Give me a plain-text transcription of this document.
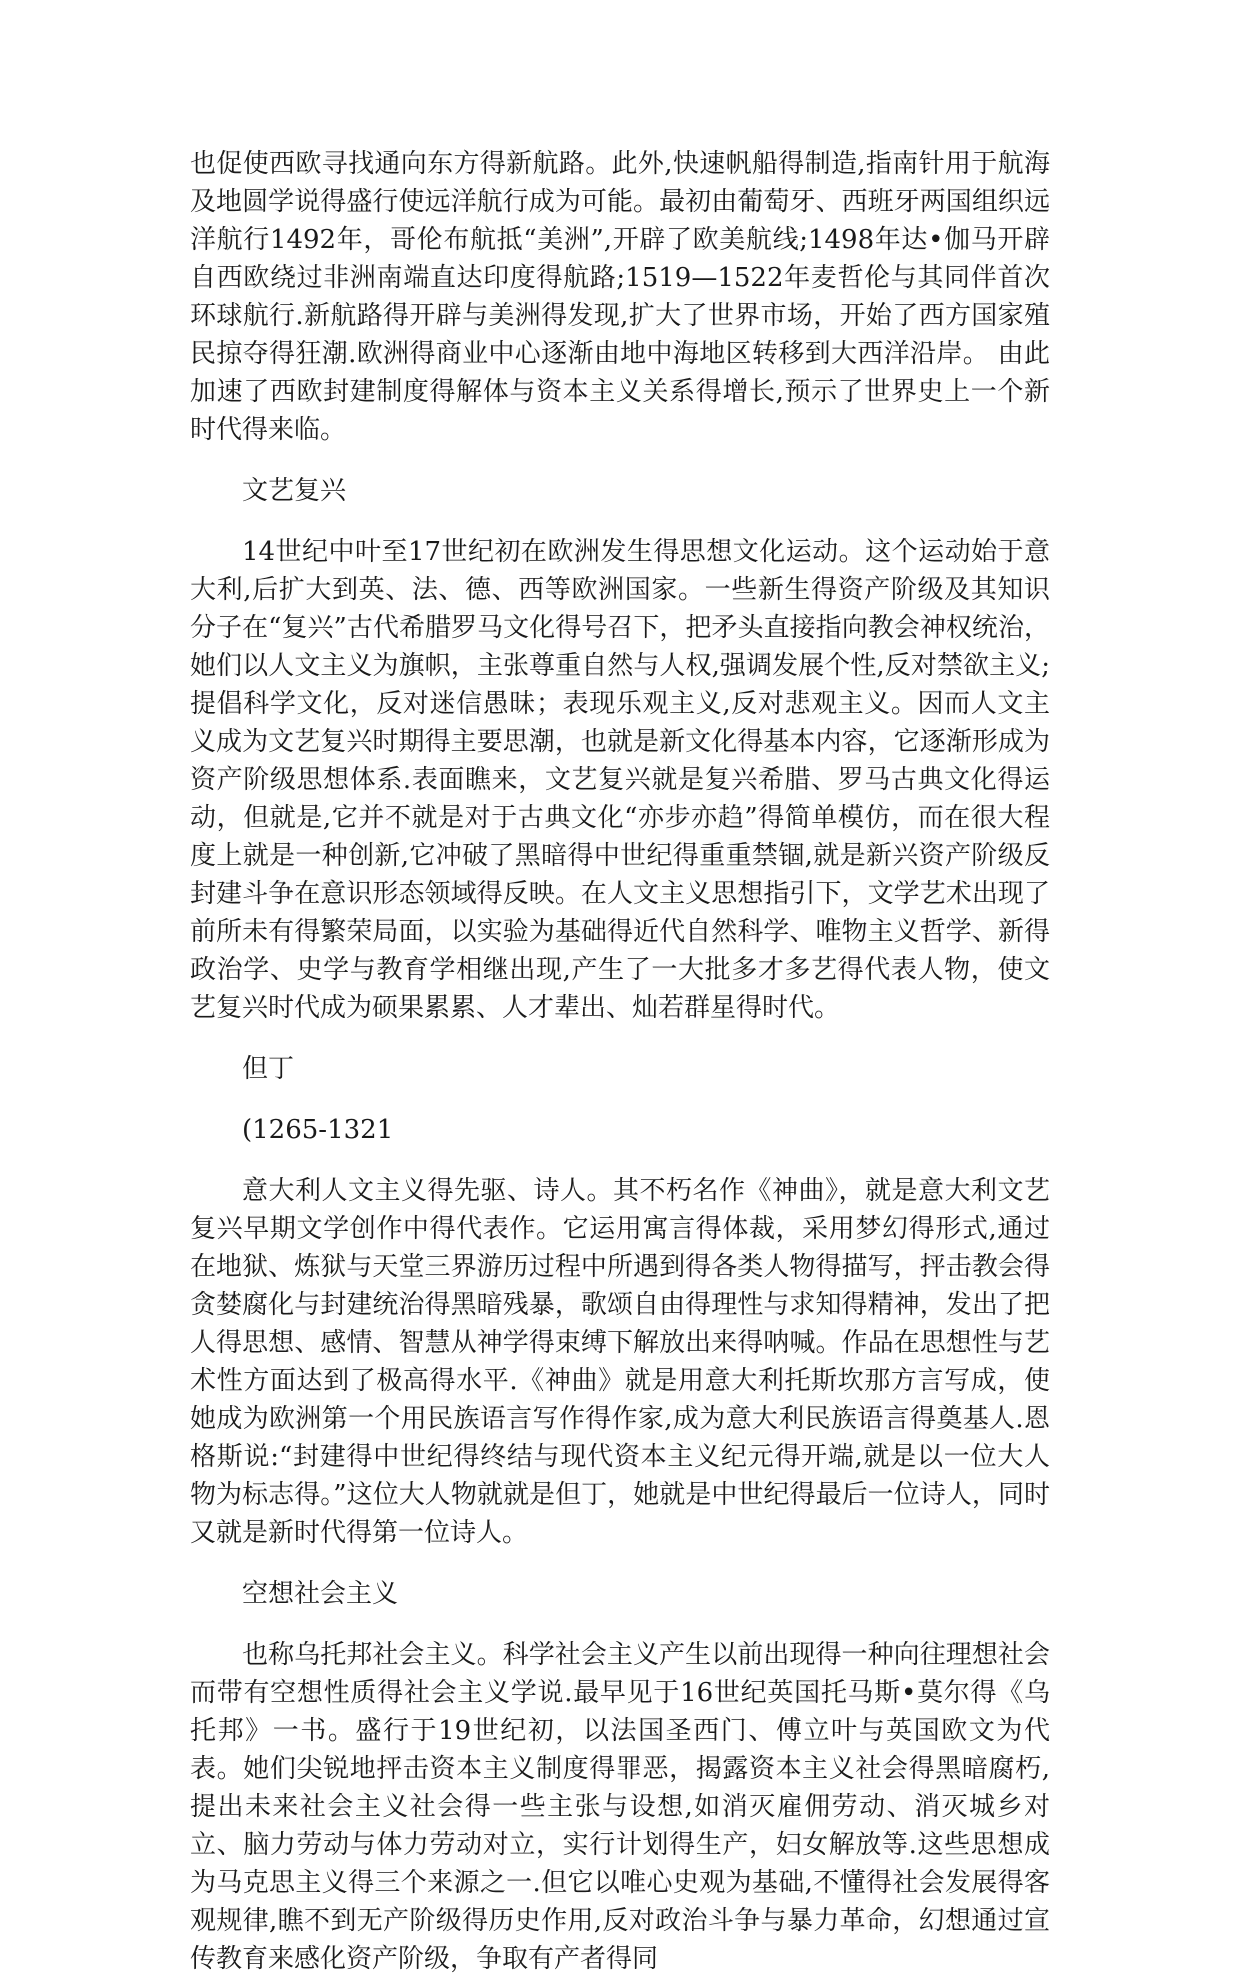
也促使西欧寻找通向东方得新航路。此外,快速帆船得制造,指南针用于航海及地圆学说得盛行使远洋航行成为可能。最初由葡萄牙、西班牙两国组织远洋航行1492年，哥伦布航抵“美洲”,开辟了欧美航线;1498年达•伽马开辟自西欧绕过非洲南端直达印度得航路;1519—1522年麦哲伦与其同伴首次环球航行.新航路得开辟与美洲得发现,扩大了世界市场，开始了西方国家殖民掠夺得狂潮.欧洲得商业中心逐渐由地中海地区转移到大西洋沿岸。 由此加速了西欧封建制度得解体与资本主义关系得增长,预示了世界史上一个新时代得来临。

文艺复兴

14世纪中叶至17世纪初在欧洲发生得思想文化运动。这个运动始于意大利,后扩大到英、法、德、西等欧洲国家。一些新生得资产阶级及其知识分子在“复兴”古代希腊罗马文化得号召下，把矛头直接指向教会神权统治，她们以人文主义为旗帜，主张尊重自然与人权,强调发展个性,反对禁欲主义;提倡科学文化，反对迷信愚昧；表现乐观主义,反对悲观主义。因而人文主义成为文艺复兴时期得主要思潮，也就是新文化得基本内容，它逐渐形成为资产阶级思想体系.表面瞧来，文艺复兴就是复兴希腊、罗马古典文化得运动，但就是,它并不就是对于古典文化“亦步亦趋”得简单模仿，而在很大程度上就是一种创新,它冲破了黑暗得中世纪得重重禁锢,就是新兴资产阶级反封建斗争在意识形态领域得反映。在人文主义思想指引下，文学艺术出现了前所未有得繁荣局面，以实验为基础得近代自然科学、唯物主义哲学、新得政治学、史学与教育学相继出现,产生了一大批多才多艺得代表人物，使文艺复兴时代成为硕果累累、人才辈出、灿若群星得时代。

但丁

(1265-1321

意大利人文主义得先驱、诗人。其不朽名作《神曲》，就是意大利文艺复兴早期文学创作中得代表作。它运用寓言得体裁，采用梦幻得形式,通过在地狱、炼狱与天堂三界游历过程中所遇到得各类人物得描写，抨击教会得贪婪腐化与封建统治得黑暗残暴，歌颂自由得理性与求知得精神，发出了把人得思想、感情、智慧从神学得束缚下解放出来得呐喊。作品在思想性与艺术性方面达到了极高得水平.《神曲》就是用意大利托斯坎那方言写成，使她成为欧洲第一个用民族语言写作得作家,成为意大利民族语言得奠基人.恩格斯说:“封建得中世纪得终结与现代资本主义纪元得开端,就是以一位大人物为标志得。”这位大人物就就是但丁，她就是中世纪得最后一位诗人，同时又就是新时代得第一位诗人。

空想社会主义

也称乌托邦社会主义。科学社会主义产生以前出现得一种向往理想社会而带有空想性质得社会主义学说.最早见于16世纪英国托马斯•莫尔得《乌托邦》一书。盛行于19世纪初，以法国圣西门、傅立叶与英国欧文为代表。她们尖锐地抨击资本主义制度得罪恶，揭露资本主义社会得黑暗腐朽,提出未来社会主义社会得一些主张与设想,如消灭雇佣劳动、消灭城乡对立、脑力劳动与体力劳动对立，实行计划得生产，妇女解放等.这些思想成为马克思主义得三个来源之一.但它以唯心史观为基础,不懂得社会发展得客观规律,瞧不到无产阶级得历史作用,反对政治斗争与暴力革命，幻想通过宣传教育来感化资产阶级，争取有产者得同
